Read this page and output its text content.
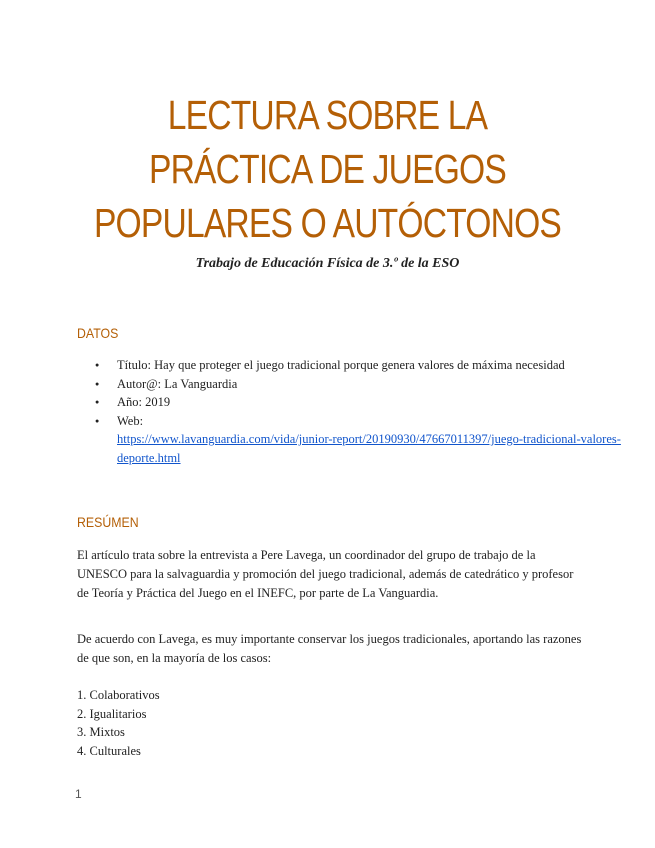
LECTURA SOBRE LA PRÁCTICA DE JUEGOS POPULARES O AUTÓCTONOS

Trabajo de Educación Física de 3.º de la ESO

DATOS
● Título: Hay que proteger el juego tradicional porque genera valores de máxima necesidad
● Autor@: La Vanguardia
● Año: 2019
● Web:
https://www.lavanguardia.com/vida/junior-report/20190930/47667011397/juego-tradicional-valores-deporte.html
RESÚMEN

El artículo trata sobre la entrevista a Pere Lavega, un coordinador del grupo de trabajo de la UNESCO para la salvaguardia y promoción del juego tradicional, además de catedrático y profesor de Teoría y Práctica del Juego en el INEFC, por parte de La Vanguardia.

De acuerdo con Lavega, es muy importante conservar los juegos tradicionales, aportando las razones de que son, en la mayoría de los casos:

1. Colaborativos
2. Igualitarios
3. Mixtos
4. Culturales
1
